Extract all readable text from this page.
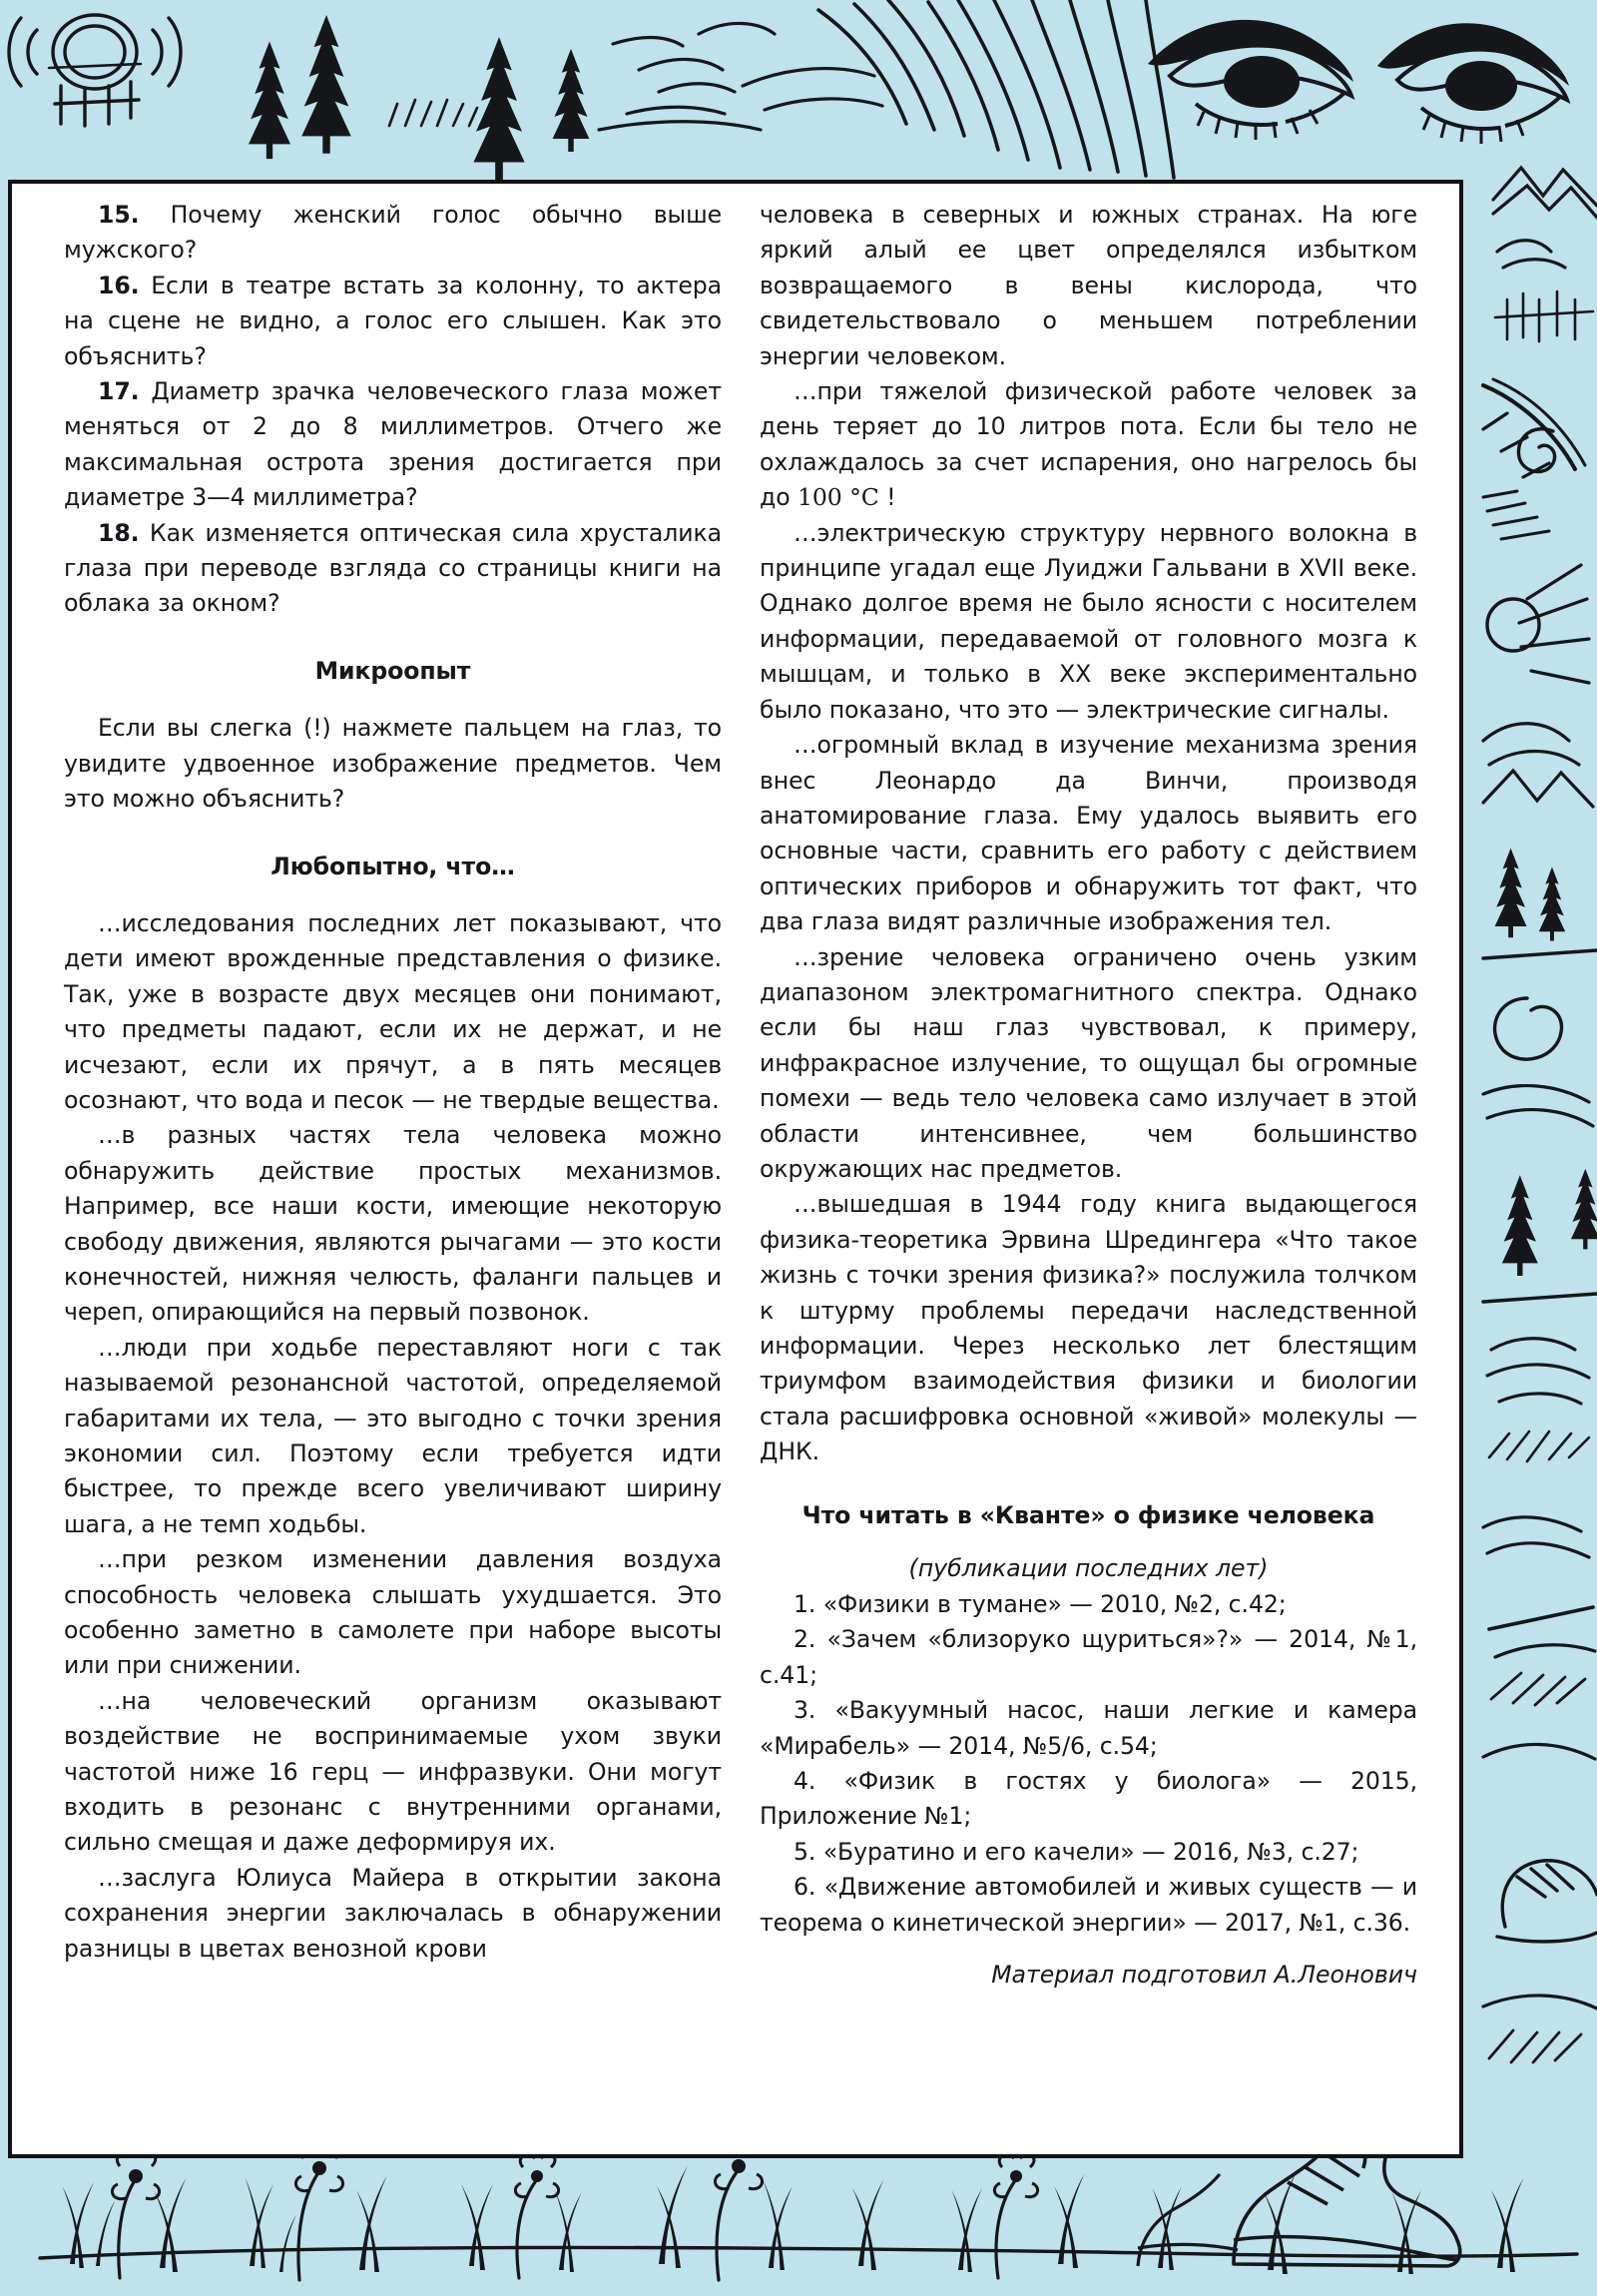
15. Почему женский голос обычно выше мужского?

16. Если в театре встать за колонну, то актера на сцене не видно, а голос его слышен. Как это объяснить?

17. Диаметр зрачка человеческого глаза может меняться от 2 до 8 миллиметров. Отчего же максимальная острота зрения достигается при диаметре 3—4 миллиметра?

18. Как изменяется оптическая сила хрусталика глаза при переводе взгляда со страницы книги на облака за окном?

Микроопыт

Если вы слегка (!) нажмете пальцем на глаз, то увидите удвоенное изображение предметов. Чем это можно объяснить?

Любопытно, что…

…исследования последних лет показывают, что дети имеют врожденные представления о физике. Так, уже в возрасте двух месяцев они понимают, что предметы падают, если их не держат, и не исчезают, если их прячут, а в пять месяцев осознают, что вода и песок — не твердые вещества.

…в разных частях тела человека можно обнаружить действие простых механизмов. Например, все наши кости, имеющие некоторую свободу движения, являются рычагами — это кости конечностей, нижняя челюсть, фаланги пальцев и череп, опирающийся на первый позвонок.

…люди при ходьбе переставляют ноги с так называемой резонансной частотой, определяемой габаритами их тела, — это выгодно с точки зрения экономии сил. Поэтому если требуется идти быстрее, то прежде всего увеличивают ширину шага, а не темп ходьбы.

…при резком изменении давления воздуха способность человека слышать ухудшается. Это особенно заметно в самолете при наборе высоты или при снижении.

…на человеческий организм оказывают воздействие не воспринимаемые ухом звуки частотой ниже 16 герц — инфразвуки. Они могут входить в резонанс с внутренними органами, сильно смещая и даже деформируя их.

…заслуга Юлиуса Майера в открытии закона сохранения энергии заключалась в обнаружении разницы в цветах венозной крови

человека в северных и южных странах. На юге яркий алый ее цвет определялся избытком возвращаемого в вены кислорода, что свидетельствовало о меньшем потреблении энергии человеком.

…при тяжелой физической работе человек за день теряет до 10 литров пота. Если бы тело не охлаждалось за счет испарения, оно нагрелось бы до 100 °C !

…электрическую структуру нервного волокна в принципе угадал еще Луиджи Гальвани в XVII веке. Однако долгое время не было ясности с носителем информации, передаваемой от головного мозга к мышцам, и только в XX веке экспериментально было показано, что это — электрические сигналы.

…огромный вклад в изучение механизма зрения внес Леонардо да Винчи, производя анатомирование глаза. Ему удалось выявить его основные части, сравнить его работу с действием оптических приборов и обнаружить тот факт, что два глаза видят различные изображения тел.

…зрение человека ограничено очень узким диапазоном электромагнитного спектра. Однако если бы наш глаз чувствовал, к примеру, инфракрасное излучение, то ощущал бы огромные помехи — ведь тело человека само излучает в этой области интенсивнее, чем большинство окружающих нас предметов.

…вышедшая в 1944 году книга выдающегося физика-теоретика Эрвина Шредингера «Что такое жизнь с точки зрения физика?» послужила толчком к штурму проблемы передачи наследственной информации. Через несколько лет блестящим триумфом взаимодействия физики и биологии стала расшифровка основной «живой» молекулы — ДНК.

Что читать в «Кванте» о физике человека
(публикации последних лет)

1. «Физики в тумане» — 2010, №2, с.42;

2. «Зачем «близоруко щуриться»?» — 2014, №1, с.41;

3. «Вакуумный насос, наши легкие и камера «Мирабель» — 2014, №5/6, с.54;

4. «Физик в гостях у биолога» — 2015, Приложение №1;

5. «Буратино и его качели» — 2016, №3, с.27;

6. «Движение автомобилей и живых существ — и теорема о кинетической энергии» — 2017, №1, с.36.

Материал подготовил А.Леонович
